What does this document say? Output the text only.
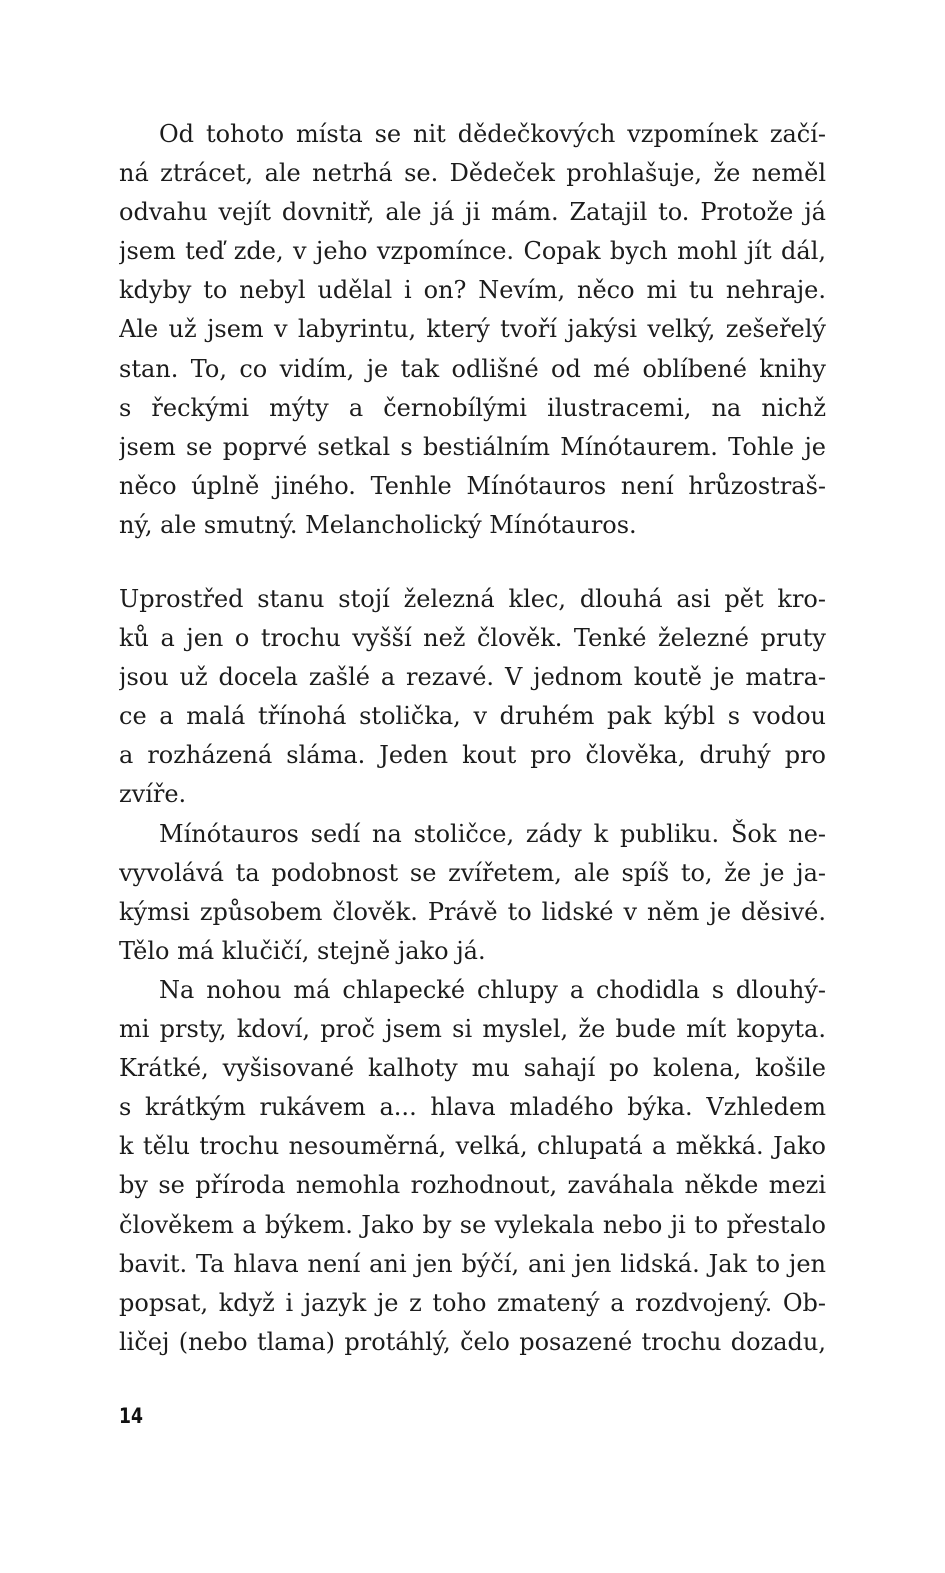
Od tohoto místa se nit dědečkových vzpomínek začí-
ná ztrácet, ale netrhá se. Dědeček prohlašuje, že neměl
odvahu vejít dovnitř, ale já ji mám. Zatajil to. Protože já
jsem teď zde, v jeho vzpomínce. Copak bych mohl jít dál,
kdyby to nebyl udělal i on? Nevím, něco mi tu nehraje.
Ale už jsem v labyrintu, který tvoří jakýsi velký, zešeřelý
stan. To, co vidím, je tak odlišné od mé oblíbené knihy
s řeckými mýty a černobílými ilustracemi, na nichž
jsem se poprvé setkal s bestiálním Mínótaurem. Tohle je
něco úplně jiného. Tenhle Mínótauros není hrůzostraš-
ný, ale smutný. Melancholický Mínótauros.
Uprostřed stanu stojí železná klec, dlouhá asi pět kro-
ků a jen o trochu vyšší než člověk. Tenké železné pruty
jsou už docela zašlé a rezavé. V jednom koutě je matra-
ce a malá třínohá stolička, v druhém pak kýbl s vodou
a rozházená sláma. Jeden kout pro člověka, druhý pro
zvíře.
Mínótauros sedí na stoličce, zády k publiku. Šok ne-
vyvolává ta podobnost se zvířetem, ale spíš to, že je ja-
kýmsi způsobem člověk. Právě to lidské v něm je děsivé.
Tělo má klučičí, stejně jako já.
Na nohou má chlapecké chlupy a chodidla s dlouhý-
mi prsty, kdoví, proč jsem si myslel, že bude mít kopyta.
Krátké, vyšisované kalhoty mu sahají po kolena, košile
s krátkým rukávem a... hlava mladého býka. Vzhledem
k tělu trochu nesouměrná, velká, chlupatá a měkká. Jako
by se příroda nemohla rozhodnout, zaváhala někde mezi
člověkem a býkem. Jako by se vylekala nebo ji to přestalo
bavit. Ta hlava není ani jen býčí, ani jen lidská. Jak to jen
popsat, když i jazyk je z toho zmatený a rozdvojený. Ob-
ličej (nebo tlama) protáhlý, čelo posazené trochu dozadu,
14
